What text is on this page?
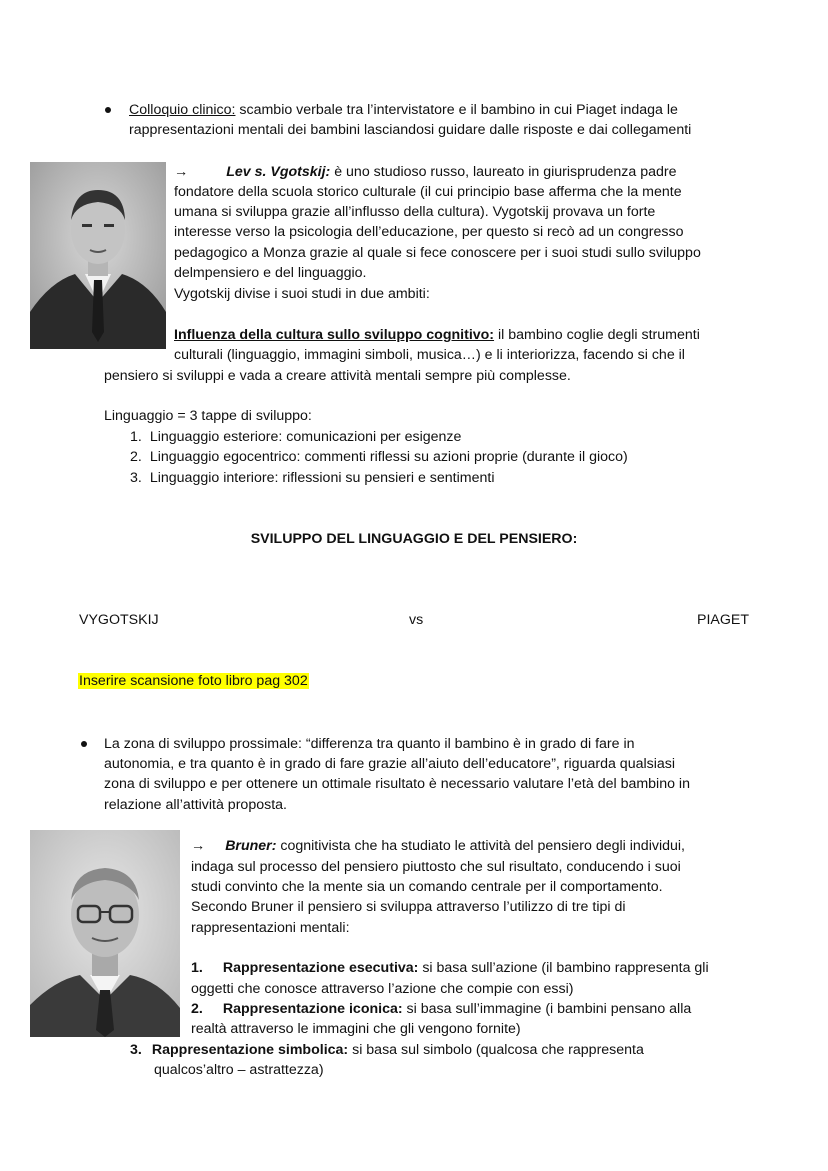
Colloquio clinico: scambio verbale tra l’intervistatore e il bambino in cui Piaget indaga le
rappresentazioni mentali dei bambini lasciandosi guidare dalle risposte e dai collegamenti
→	Lev s. Vgotskij: è uno studioso russo, laureato in giurisprudenza padre
fondatore della scuola storico culturale (il cui principio base afferma che la mente
umana si sviluppa grazie all’influsso della cultura). Vygotskij provava un forte
interesse verso la psicologia dell’educazione, per questo si recò ad un congresso
pedagogico a Monza grazie al quale si fece conoscere per i suoi studi sullo sviluppo
delmpensiero e del linguaggio.
Vygotskij divise i suoi studi in due ambiti:
Influenza della cultura sullo sviluppo cognitivo: il bambino coglie degli strumenti
culturali (linguaggio, immagini simboli, musica…) e li interiorizza, facendo si che il
pensiero si sviluppi e vada a creare attività mentali sempre più complesse.
Linguaggio = 3 tappe di sviluppo:
1. Linguaggio esteriore: comunicazioni per esigenze
2. Linguaggio egocentrico: commenti riflessi su azioni proprie (durante il gioco)
3. Linguaggio interiore: riflessioni su pensieri e sentimenti
SVILUPPO DEL LINGUAGGIO E DEL PENSIERO:
VYGOTSKIJ	vs	PIAGET
Inserire scansione foto libro pag 302
La zona di sviluppo prossimale: “differenza tra quanto il bambino è in grado di fare in
autonomia, e tra quanto è in grado di fare grazie all’aiuto dell’educatore”, riguarda qualsiasi
zona di sviluppo e per ottenere un ottimale risultato è necessario valutare l’età del bambino in
relazione all’attività proposta.
→ Bruner: cognitivista che ha studiato le attività del pensiero degli individui,
indaga sul processo del pensiero piuttosto che sul risultato, conducendo i suoi
studi convinto che la mente sia un comando centrale per il comportamento.
Secondo Bruner il pensiero si sviluppa attraverso l’utilizzo di tre tipi di
rappresentazioni mentali:
1. Rappresentazione esecutiva: si basa sull’azione (il bambino rappresenta gli
oggetti che conosce attraverso l’azione che compie con essi)
2. Rappresentazione iconica: si basa sull’immagine (i bambini pensano alla
realtà attraverso le immagini che gli vengono fornite)
3. Rappresentazione simbolica: si basa sul simbolo (qualcosa che rappresenta
qualcos’altro – astrattezza)
